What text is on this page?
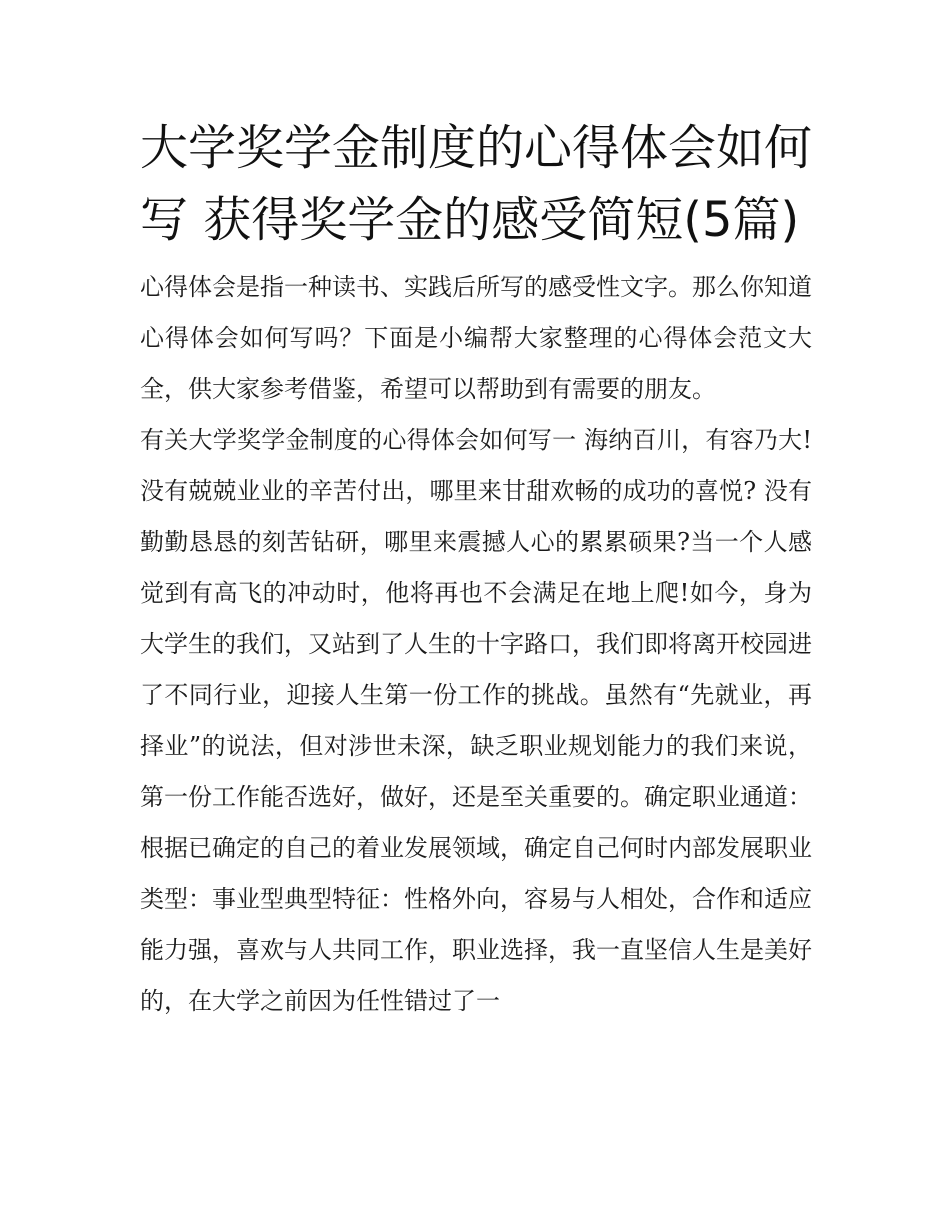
大学奖学金制度的心得体会如何写 获得奖学金的感受简短(5篇)

心得体会是指一种读书、实践后所写的感受性文字。那么你知道心得体会如何写吗？下面是小编帮大家整理的心得体会范文大全，供大家参考借鉴，希望可以帮助到有需要的朋友。

有关大学奖学金制度的心得体会如何写一 海纳百川，有容乃大! 没有兢兢业业的辛苦付出，哪里来甘甜欢畅的成功的喜悦? 没有勤勤恳恳的刻苦钻研，哪里来震撼人心的累累硕果?当一个人感觉到有高飞的冲动时，他将再也不会满足在地上爬!如今，身为大学生的我们，又站到了人生的十字路口，我们即将离开校园进了不同行业，迎接人生第一份工作的挑战。虽然有“先就业，再择业”的说法，但对涉世未深，缺乏职业规划能力的我们来说，第一份工作能否选好，做好，还是至关重要的。确定职业通道：根据已确定的自己的着业发展领域，确定自己何时内部发展职业类型：事业型典型特征：性格外向，容易与人相处，合作和适应能力强，喜欢与人共同工作，职业选择，我一直坚信人生是美好的，在大学之前因为任性错过了一
